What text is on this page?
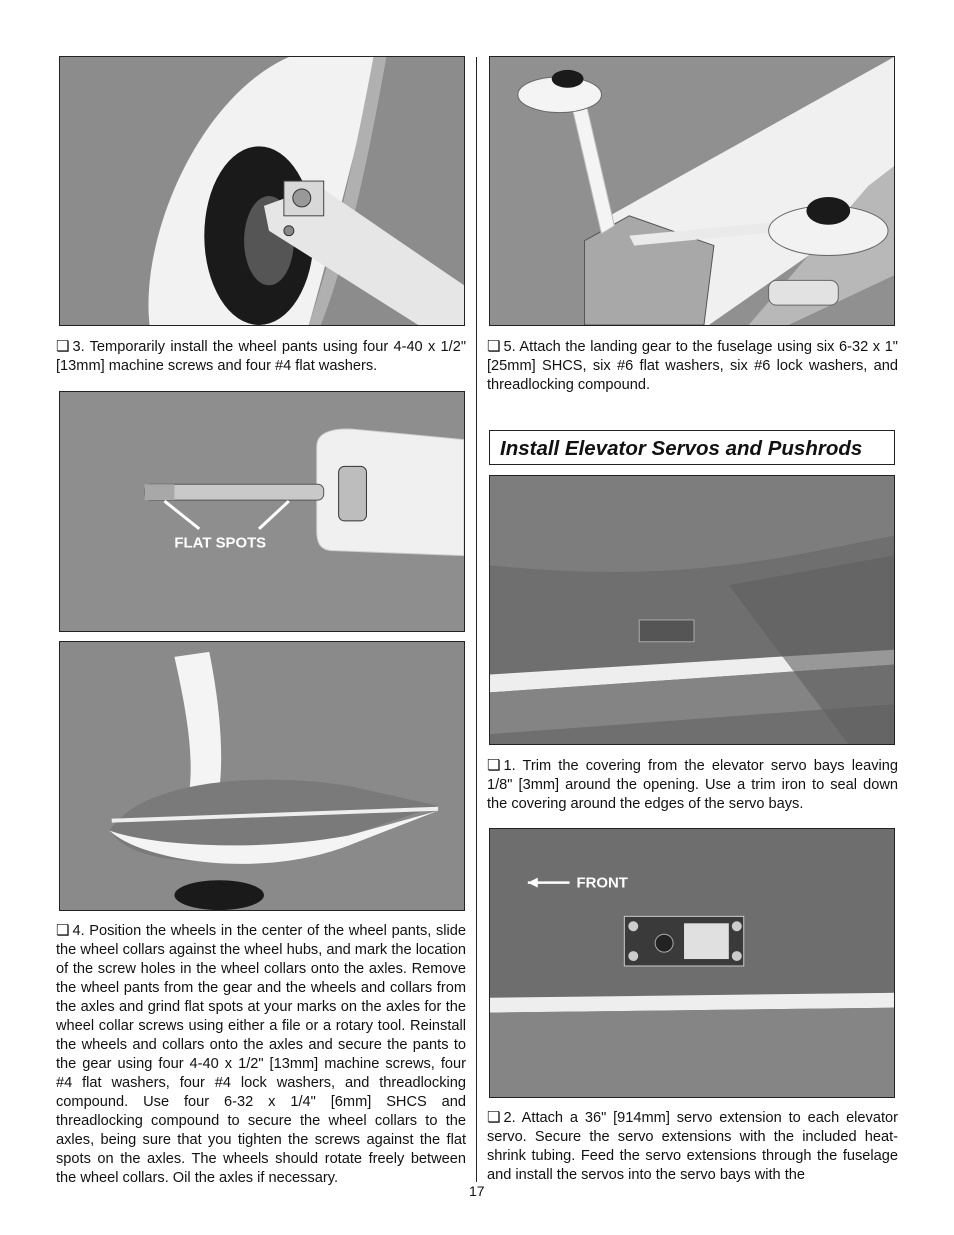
❏ 3. Temporarily install the wheel pants using four 4-40 x 1/2" [13mm] machine screws and four #4 flat washers.

FLAT SPOTS

❏ 4. Position the wheels in the center of the wheel pants, slide the wheel collars against the wheel hubs, and mark the location of the screw holes in the wheel collars onto the axles. Remove the wheel pants from the gear and the wheels and collars from the axles and grind flat spots at your marks on the axles for the wheel collar screws using either a file or a rotary tool. Reinstall the wheels and collars onto the axles and secure the pants to the gear using four 4-40 x 1/2" [13mm] machine screws, four #4 flat washers, four #4 lock washers, and threadlocking compound. Use four 6-32 x 1/4" [6mm] SHCS and threadlocking compound to secure the wheel collars to the axles, being sure that you tighten the screws against the flat spots on the axles. The wheels should rotate freely between the wheel collars. Oil the axles if necessary.

❏ 5. Attach the landing gear to the fuselage using six 6-32 x 1" [25mm] SHCS, six #6 flat washers, six #6 lock washers, and threadlocking compound.

Install Elevator Servos and Pushrods

❏ 1. Trim the covering from the elevator servo bays leaving 1/8" [3mm] around the opening. Use a trim iron to seal down the covering around the edges of the servo bays.

FRONT

❏ 2. Attach a 36" [914mm] servo extension to each elevator servo. Secure the servo extensions with the included heat-shrink tubing. Feed the servo extensions through the fuselage and install the servos into the servo bays with the

17
